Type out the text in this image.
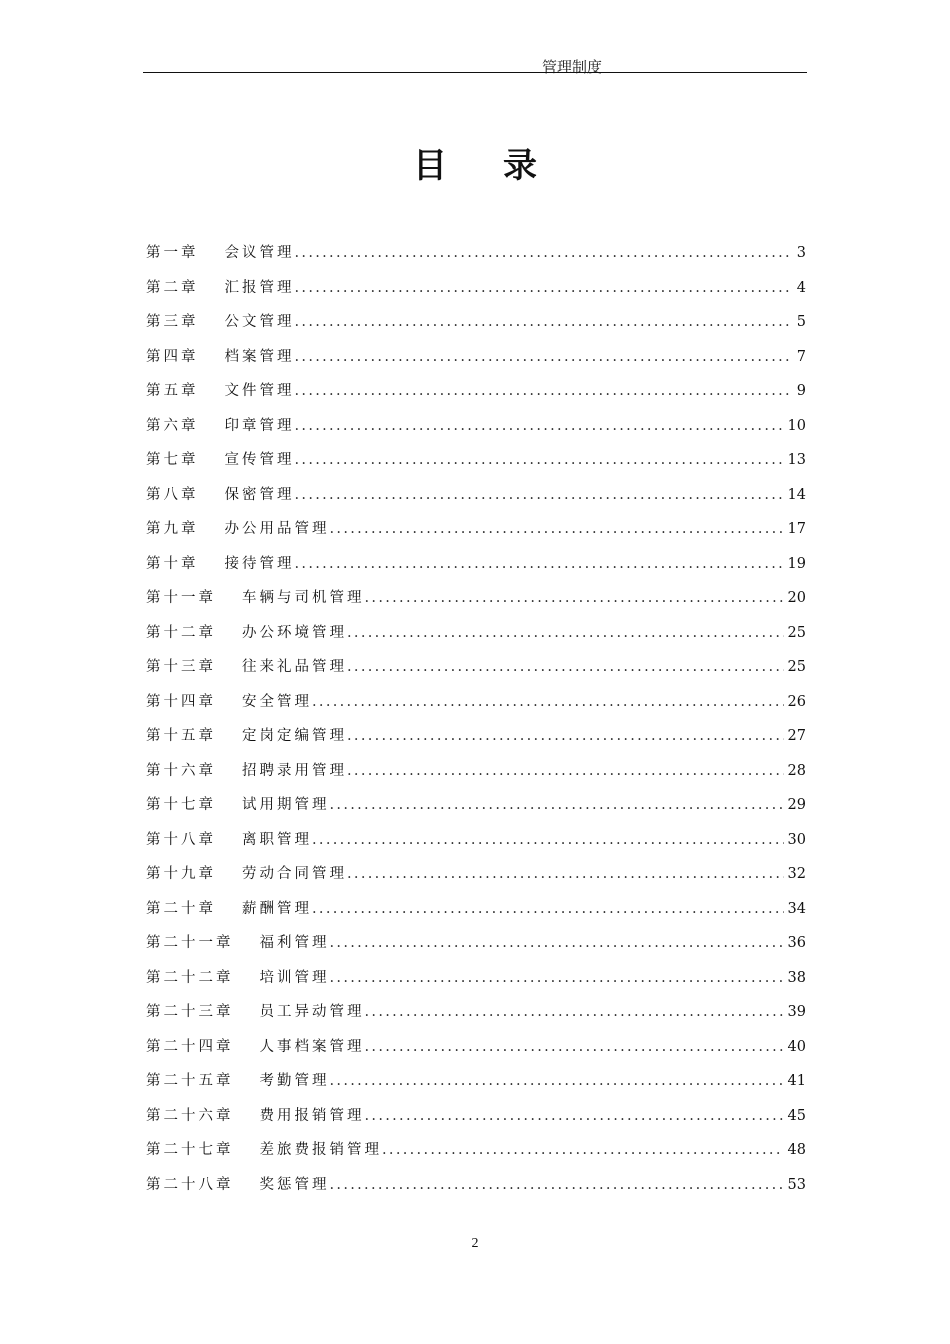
管理制度
目录
第一章 会议管理 .....	3
第二章 汇报管理 .....	4
第三章 公文管理 .....	5
第四章 档案管理 .....	7
第五章 文件管理 .....	9
第六章 印章管理 .....	10
第七章 宣传管理 .....	13
第八章 保密管理 .....	14
第九章 办公用品管理 .....	17
第十章 接待管理 .....	19
第十一章 车辆与司机管理 .....	20
第十二章 办公环境管理 .....	25
第十三章 往来礼品管理 .....	25
第十四章 安全管理 .....	26
第十五章 定岗定编管理 .....	27
第十六章 招聘录用管理 .....	28
第十七章 试用期管理 .....	29
第十八章 离职管理 .....	30
第十九章 劳动合同管理 .....	32
第二十章 薪酬管理 .....	34
第二十一章 福利管理 .....	36
第二十二章 培训管理 .....	38
第二十三章 员工异动管理 .....	39
第二十四章 人事档案管理 .....	40
第二十五章 考勤管理 .....	41
第二十六章 费用报销管理 .....	45
第二十七章 差旅费报销管理 .....	48
第二十八章 奖惩管理 .....	53
2
